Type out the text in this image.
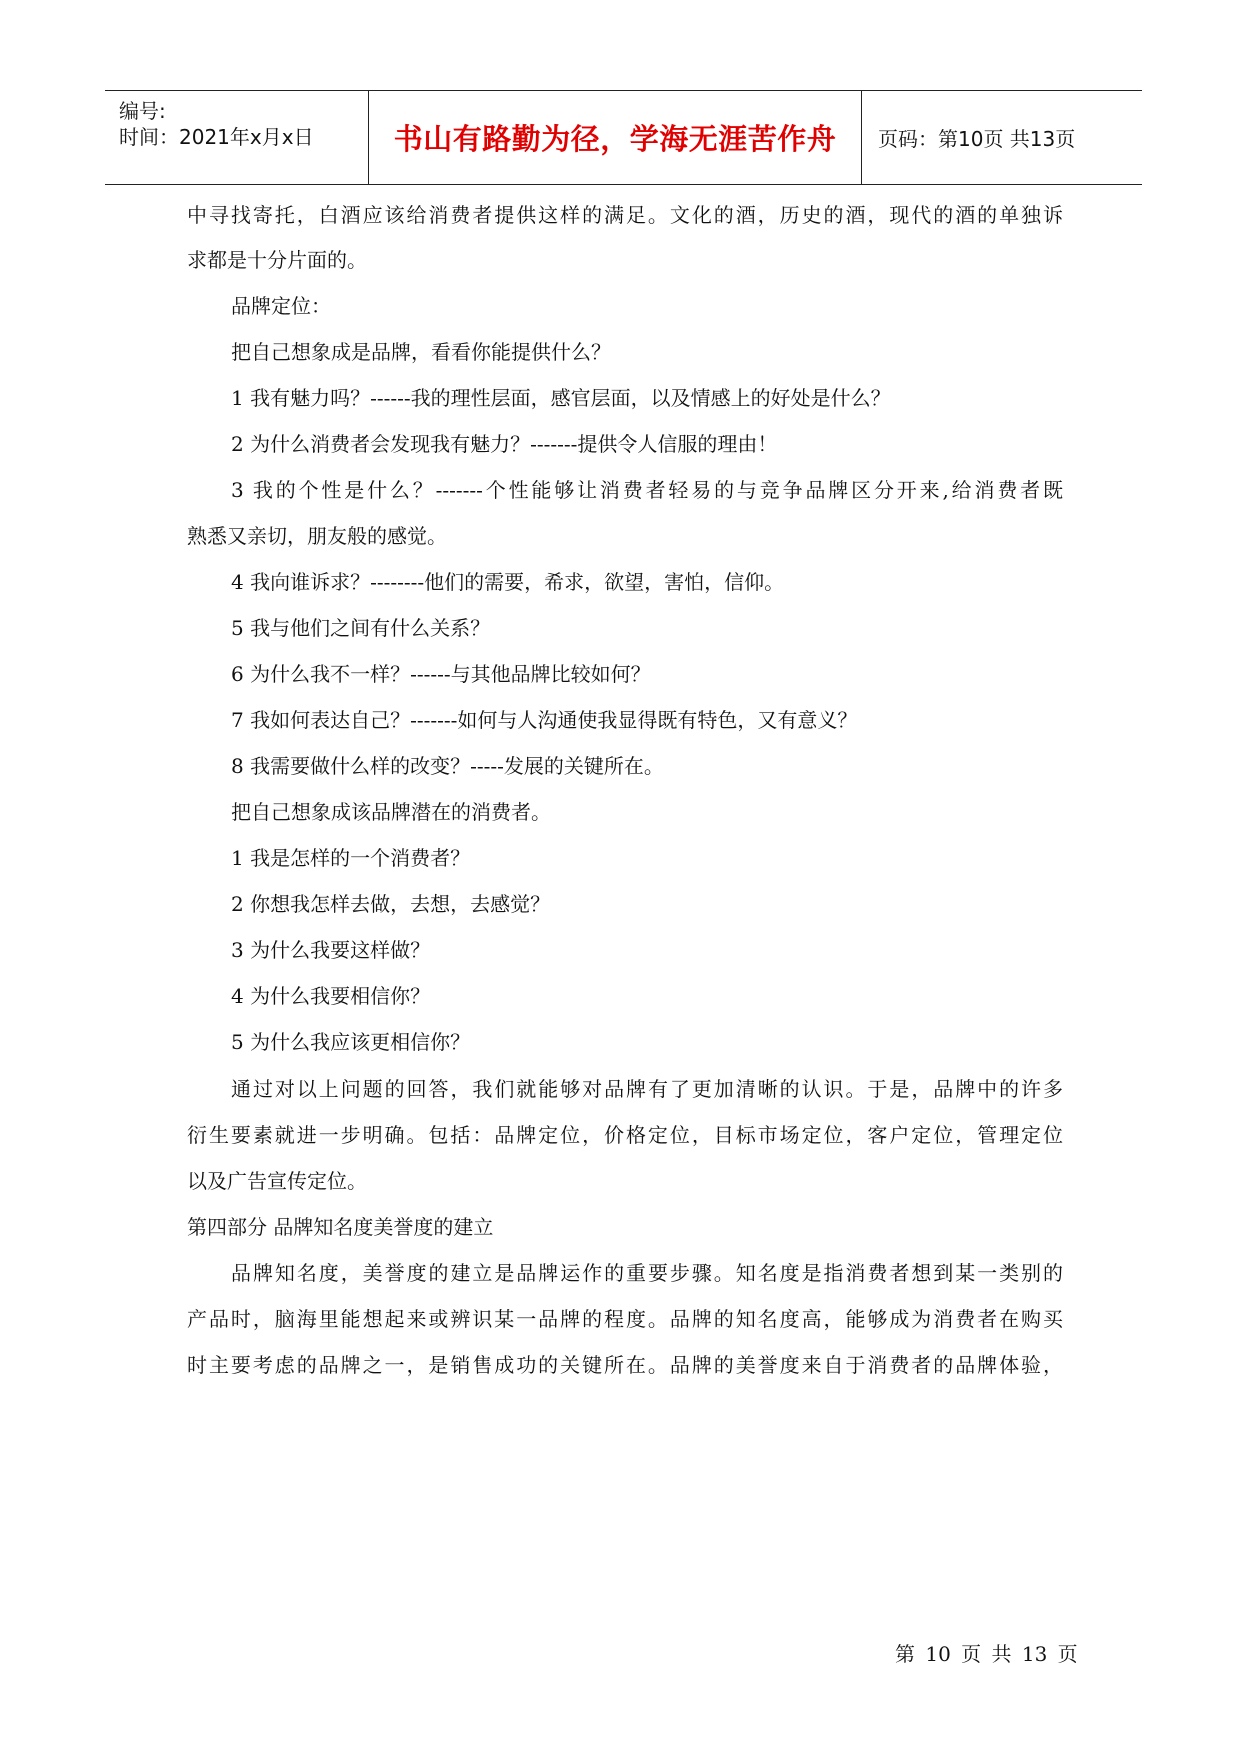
编号:
时间：2021年x月x日	书山有路勤为径，学海无涯苦作舟 页码：第10页 共13页
中寻找寄托，白酒应该给消费者提供这样的满足。文化的酒，历史的酒，现代的酒的单独诉
求都是十分片面的。
品牌定位：
把自己想象成是品牌，看看你能提供什么？
1 我有魅力吗？------我的理性层面，感官层面，以及情感上的好处是什么？
2 为什么消费者会发现我有魅力？-------提供令人信服的理由！
3 我的个性是什么？-------个性能够让消费者轻易的与竞争品牌区分开来,给消费者既
熟悉又亲切，朋友般的感觉。
4 我向谁诉求？--------他们的需要，希求，欲望，害怕，信仰。
5 我与他们之间有什么关系？
6 为什么我不一样？------与其他品牌比较如何？
7 我如何表达自己？-------如何与人沟通使我显得既有特色，又有意义？
8 我需要做什么样的改变？-----发展的关键所在。
把自己想象成该品牌潜在的消费者。
1 我是怎样的一个消费者？
2 你想我怎样去做，去想，去感觉？
3 为什么我要这样做？
4 为什么我要相信你？
5 为什么我应该更相信你？
通过对以上问题的回答，我们就能够对品牌有了更加清晰的认识。于是，品牌中的许多
衍生要素就进一步明确。包括：品牌定位，价格定位，目标市场定位，客户定位，管理定位
以及广告宣传定位。
第四部分 品牌知名度美誉度的建立
品牌知名度，美誉度的建立是品牌运作的重要步骤。知名度是指消费者想到某一类别的
产品时，脑海里能想起来或辨识某一品牌的程度。品牌的知名度高，能够成为消费者在购买
时主要考虑的品牌之一，是销售成功的关键所在。品牌的美誉度来自于消费者的品牌体验，
第 10 页 共 13 页
